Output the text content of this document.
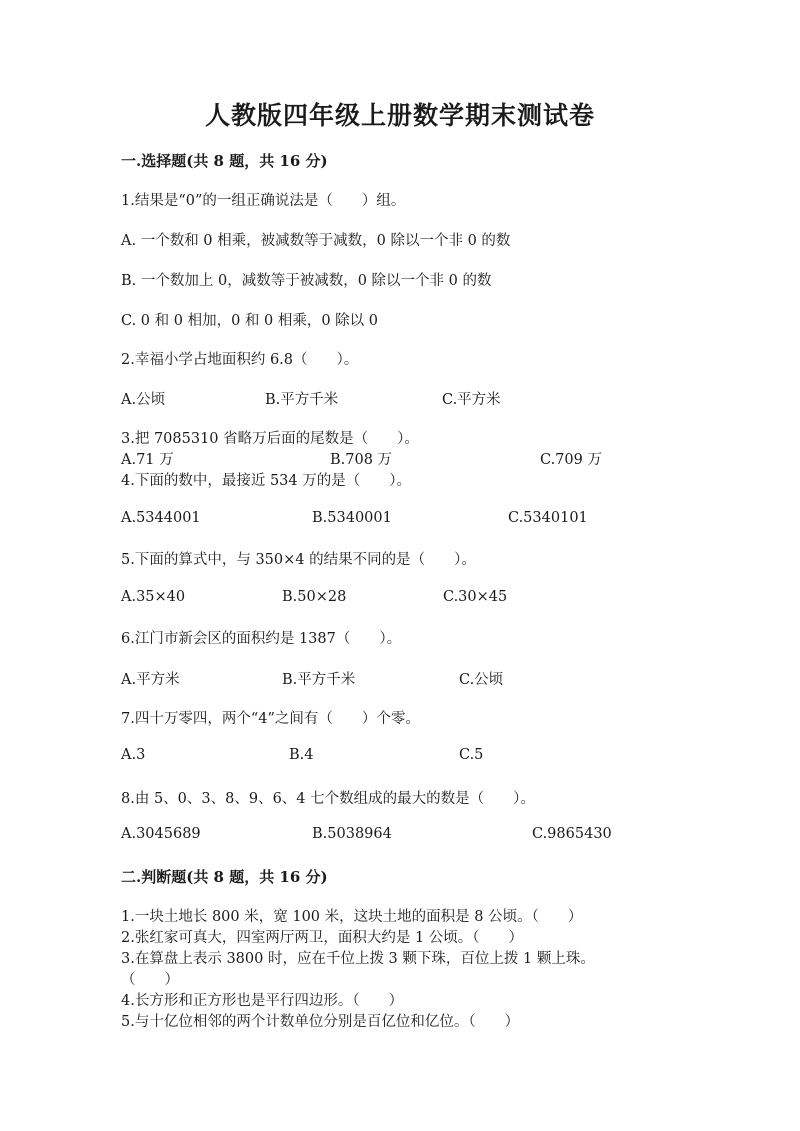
人教版四年级上册数学期末测试卷
一.选择题(共 8 题，共 16 分)
1.结果是“0”的一组正确说法是（　　）组。
A. 一个数和 0 相乘，被减数等于减数，0 除以一个非 0 的数
B. 一个数加上 0，减数等于被减数，0 除以一个非 0 的数
C. 0 和 0 相加，0 和 0 相乘，0 除以 0
2.幸福小学占地面积约 6.8（　　）。
A.公顷	B.平方千米	C.平方米
3.把 7085310 省略万后面的尾数是（　　）。
A.71 万	B.708 万	C.709 万
4.下面的数中，最接近 534 万的是（　　）。
A.5344001	B.5340001	C.5340101
5.下面的算式中，与 350×4 的结果不同的是（　　）。
A.35×40	B.50×28	C.30×45
6.江门市新会区的面积约是 1387（　　）。
A.平方米	B.平方千米	C.公顷
7.四十万零四，两个“4”之间有（　　）个零。
A.3	B.4	C.5
8.由 5、0、3、8、9、6、4 七个数组成的最大的数是（　　）。
A.3045689	B.5038964	C.9865430
二.判断题(共 8 题，共 16 分)
1.一块土地长 800 米，宽 100 米，这块土地的面积是 8 公顷。（　　）
2.张红家可真大，四室两厅两卫，面积大约是 1 公顷。（　　）
3.在算盘上表示 3800 时，应在千位上拨 3 颗下珠，百位上拨 1 颗上珠。
（　　）
4.长方形和正方形也是平行四边形。（　　）
5.与十亿位相邻的两个计数单位分别是百亿位和亿位。（　　）
